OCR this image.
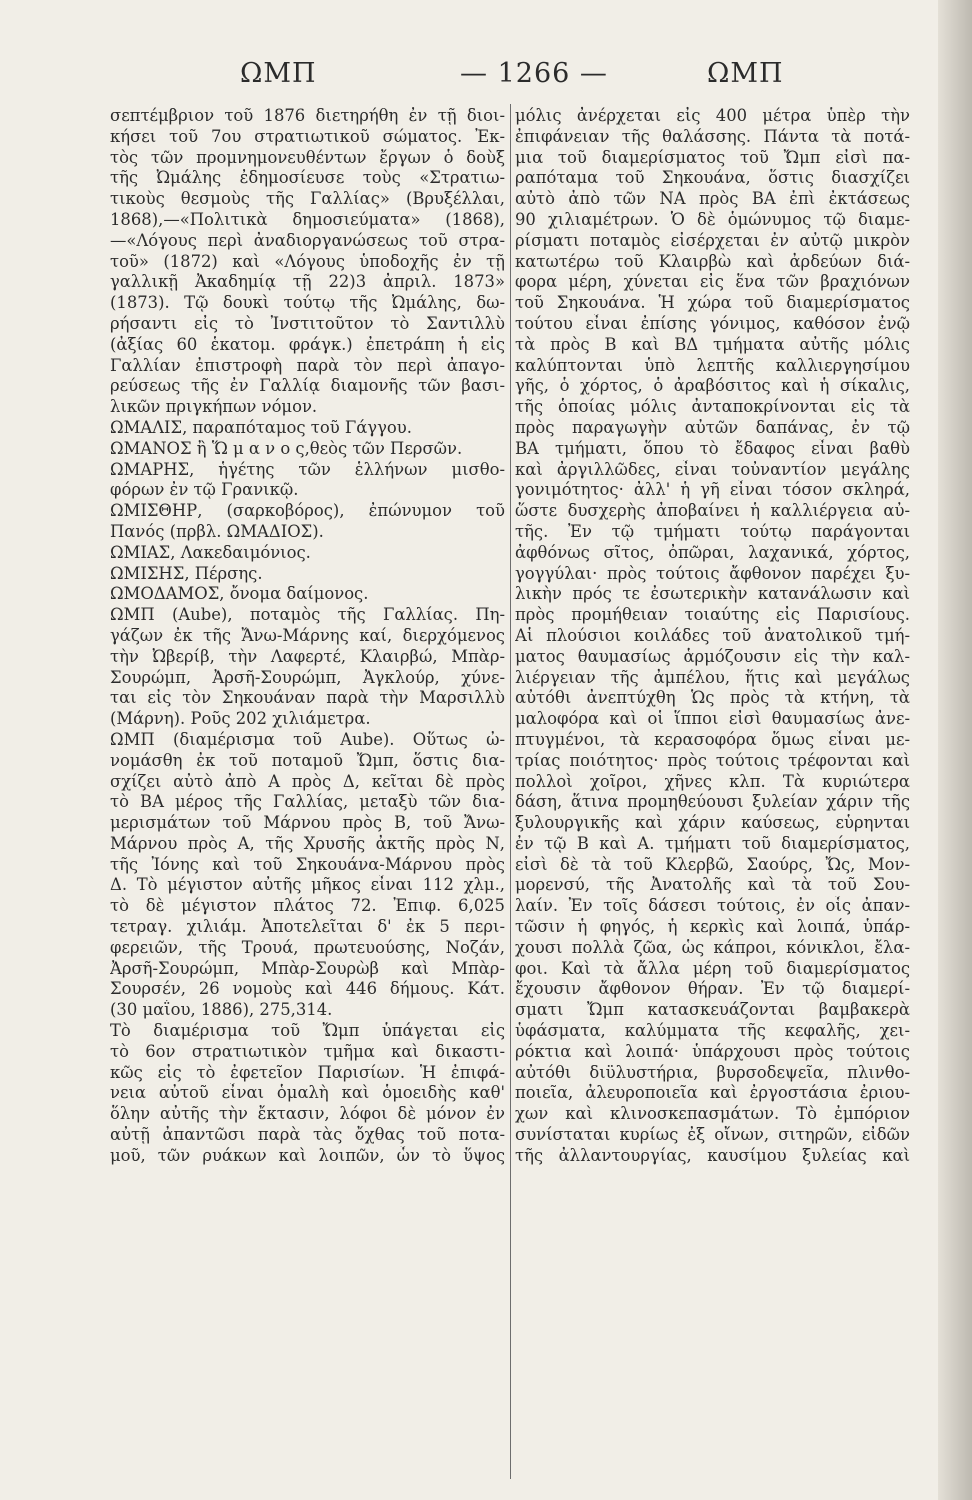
ΩΜΠ	— 1266 —	ΩΜΠ
σεπτέμβριον τοῦ 1876 διετηρήθη ἐν τῇ διοι-
κήσει τοῦ 7ου στρατιωτικοῦ σώματος. Ἐκ-
τὸς τῶν προμνημονευθέντων ἔργων ὁ δοὺξ
τῆς Ὠμάλης ἐδημοσίευσε τοὺς «Στρατιω-
τικοὺς θεσμοὺς τῆς Γαλλίας» (Βρυξέλλαι,
1868),—«Πολιτικὰ δημοσιεύματα» (1868),
—«Λόγους περὶ ἀναδιοργανώσεως τοῦ στρα-
τοῦ» (1872) καὶ «Λόγους ὑποδοχῆς ἐν τῇ
γαλλικῇ Ἀκαδημίᾳ τῇ 22)3 ἀπριλ. 1873»
(1873). Τῷ δουκὶ τούτῳ τῆς Ὠμάλης, δω-
ρήσαντι εἰς τὸ Ἰνστιτοῦτον τὸ Σαντιλλὺ
(ἀξίας 60 ἑκατομ. φράγκ.) ἐπετράπη ἡ εἰς
Γαλλίαν ἐπιστροφὴ παρὰ τὸν περὶ ἀπαγο-
ρεύσεως τῆς ἐν Γαλλίᾳ διαμονῆς τῶν βασι-
λικῶν πριγκήπων νόμον.
ΩΜΑΛΙΣ, παραπόταμος τοῦ Γάγγου.
ΩΜΑΝΟΣ ἢ Ὥ μ α ν ο ς,θεὸς τῶν Περσῶν.
ΩΜΑΡΗΣ, ἡγέτης τῶν ἑλλήνων μισθο-
φόρων ἐν τῷ Γρανικῷ.
ΩΜΙΣΘΗΡ, (σαρκοβόρος), ἐπώνυμον τοῦ
Πανός (πρβλ. ΩΜΑΔΙΟΣ).
ΩΜΙΑΣ, Λακεδαιμόνιος.
ΩΜΙΣΗΣ, Πέρσης.
ΩΜΟΔΑΜΟΣ, ὄνομα δαίμονος.
ΩΜΠ (Aube), ποταμὸς τῆς Γαλλίας. Πη-
γάζων ἐκ τῆς Ἄνω-Μάρνης καί, διερχόμενος
τὴν Ὠβερίβ, τὴν Λαφερτέ, Κλαιρβώ, Μπὰρ-
Σουρώμπ, Ἀρσῆ-Σουρώμπ, Ἀγκλούρ, χύνε-
ται εἰς τὸν Σηκουάναν παρὰ τὴν Μαρσιλλὺ
(Μάρνη). Ροῦς 202 χιλιάμετρα.
ΩΜΠ (διαμέρισμα τοῦ Aube). Οὕτως ὠ-
νομάσθη ἐκ τοῦ ποταμοῦ Ὤμπ, ὅστις δια-
σχίζει αὐτὸ ἀπὸ Α πρὸς Δ, κεῖται δὲ πρὸς
τὸ ΒΑ μέρος τῆς Γαλλίας, μεταξὺ τῶν δια-
μερισμάτων τοῦ Μάρνου πρὸς Β, τοῦ Ἄνω-
Μάρνου πρὸς Α, τῆς Χρυσῆς ἀκτῆς πρὸς Ν,
τῆς Ἰόνης καὶ τοῦ Σηκουάνα-Μάρνου πρὸς
Δ. Τὸ μέγιστον αὐτῆς μῆκος εἶναι 112 χλμ.,
τὸ δὲ μέγιστον πλάτος 72. Ἐπιφ. 6,025
τετραγ. χιλιάμ. Ἀποτελεῖται δ' ἐκ 5 περι-
φερειῶν, τῆς Τρουά, πρωτευούσης, Νοζάν,
Ἀρσῆ-Σουρώμπ, Μπὰρ-Σουρὼβ καὶ Μπὰρ-
Σουρσέν, 26 νομοὺς καὶ 446 δήμους. Κάτ.
(30 μαΐου, 1886), 275,314.
Τὸ διαμέρισμα τοῦ Ὤμπ ὑπάγεται εἰς
τὸ 6ον στρατιωτικὸν τμῆμα καὶ δικαστι-
κῶς εἰς τὸ ἐφετεῖον Παρισίων. Ἡ ἐπιφά-
νεια αὐτοῦ εἶναι ὁμαλὴ καὶ ὁμοειδὴς καθ'
ὅλην αὐτῆς τὴν ἔκτασιν, λόφοι δὲ μόνον ἐν
αὐτῇ ἀπαντῶσι παρὰ τὰς ὄχθας τοῦ ποτα-
μοῦ, τῶν ρυάκων καὶ λοιπῶν, ὧν τὸ ὕψος
μόλις ἀνέρχεται εἰς 400 μέτρα ὑπὲρ τὴν
ἐπιφάνειαν τῆς θαλάσσης. Πάντα τὰ ποτά-
μια τοῦ διαμερίσματος τοῦ Ὤμπ εἰσὶ πα-
ραπόταμα τοῦ Σηκουάνα, ὅστις διασχίζει
αὐτὸ ἀπὸ τῶν ΝΑ πρὸς ΒΑ ἐπὶ ἐκτάσεως
90 χιλιαμέτρων. Ὁ δὲ ὁμώνυμος τῷ διαμε-
ρίσματι ποταμὸς εἰσέρχεται ἐν αὐτῷ μικρὸν
κατωτέρω τοῦ Κλαιρβὼ καὶ ἀρδεύων διά-
φορα μέρη, χύνεται εἰς ἕνα τῶν βραχιόνων
τοῦ Σηκουάνα. Ἡ χώρα τοῦ διαμερίσματος
τούτου εἶναι ἐπίσης γόνιμος, καθόσον ἐνῷ
τὰ πρὸς Β καὶ ΒΔ τμήματα αὐτῆς μόλις
καλύπτονται ὑπὸ λεπτῆς καλλιεργησίμου
γῆς, ὁ χόρτος, ὁ ἀραβόσιτος καὶ ἡ σίκαλις,
τῆς ὁποίας μόλις ἀνταποκρίνονται εἰς τὰ
πρὸς παραγωγὴν αὐτῶν δαπάνας, ἐν τῷ
ΒΑ τμήματι, ὅπου τὸ ἔδαφος εἶναι βαθὺ
καὶ ἀργιλλῶδες, εἶναι τοὐναντίον μεγάλης
γονιμότητος· ἀλλ' ἡ γῆ εἶναι τόσον σκληρά,
ὥστε δυσχερὴς ἀποβαίνει ἡ καλλιέργεια αὐ-
τῆς. Ἐν τῷ τμήματι τούτῳ παράγονται
ἀφθόνως σῖτος, ὀπῶραι, λαχανικά, χόρτος,
γογγύλαι· πρὸς τούτοις ἄφθονον παρέχει ξυ-
λικὴν πρός τε ἐσωτερικὴν κατανάλωσιν καὶ
πρὸς προμήθειαν τοιαύτης εἰς Παρισίους.
Αἱ πλούσιοι κοιλάδες τοῦ ἀνατολικοῦ τμή-
ματος θαυμασίως ἁρμόζουσιν εἰς τὴν καλ-
λιέργειαν τῆς ἀμπέλου, ἥτις καὶ μεγάλως
αὐτόθι ἀνεπτύχθη Ὡς πρὸς τὰ κτήνη, τὰ
μαλοφόρα καὶ οἱ ἵπποι εἰσὶ θαυμασίως ἀνε-
πτυγμένοι, τὰ κερασοφόρα ὅμως εἶναι με-
τρίας ποιότητος· πρὸς τούτοις τρέφονται καὶ
πολλοὶ χοῖροι, χῆνες κλπ. Τὰ κυριώτερα
δάση, ἅτινα προμηθεύουσι ξυλείαν χάριν τῆς
ξυλουργικῆς καὶ χάριν καύσεως, εὑρηνται
ἐν τῷ Β καὶ Α. τμήματι τοῦ διαμερίσματος,
εἰσὶ δὲ τὰ τοῦ Κλερβῶ, Σαούρς, Ὤς, Μον-
μορενσύ, τῆς Ἀνατολῆς καὶ τὰ τοῦ Σου-
λαίν. Ἐν τοῖς δάσεσι τούτοις, ἐν οἷς ἀπαν-
τῶσιν ἡ φηγός, ἡ κερκὶς καὶ λοιπά, ὑπάρ-
χουσι πολλὰ ζῶα, ὡς κάπροι, κόνικλοι, ἔλα-
φοι. Καὶ τὰ ἄλλα μέρη τοῦ διαμερίσματος
ἔχουσιν ἄφθονον θήραν. Ἐν τῷ διαμερί-
σματι Ὤμπ κατασκευάζονται βαμβακερὰ
ὑφάσματα, καλύμματα τῆς κεφαλῆς, χει-
ρόκτια καὶ λοιπά· ὑπάρχουσι πρὸς τούτοις
αὐτόθι διϋλυστήρια, βυρσοδεψεῖα, πλινθο-
ποιεῖα, ἀλευροποιεῖα καὶ ἐργοστάσια ἐριου-
χων καὶ κλινοσκεπασμάτων. Τὸ ἐμπόριον
συνίσταται κυρίως ἐξ οἴνων, σιτηρῶν, εἰδῶν
τῆς ἀλλαντουργίας, καυσίμου ξυλείας καὶ
